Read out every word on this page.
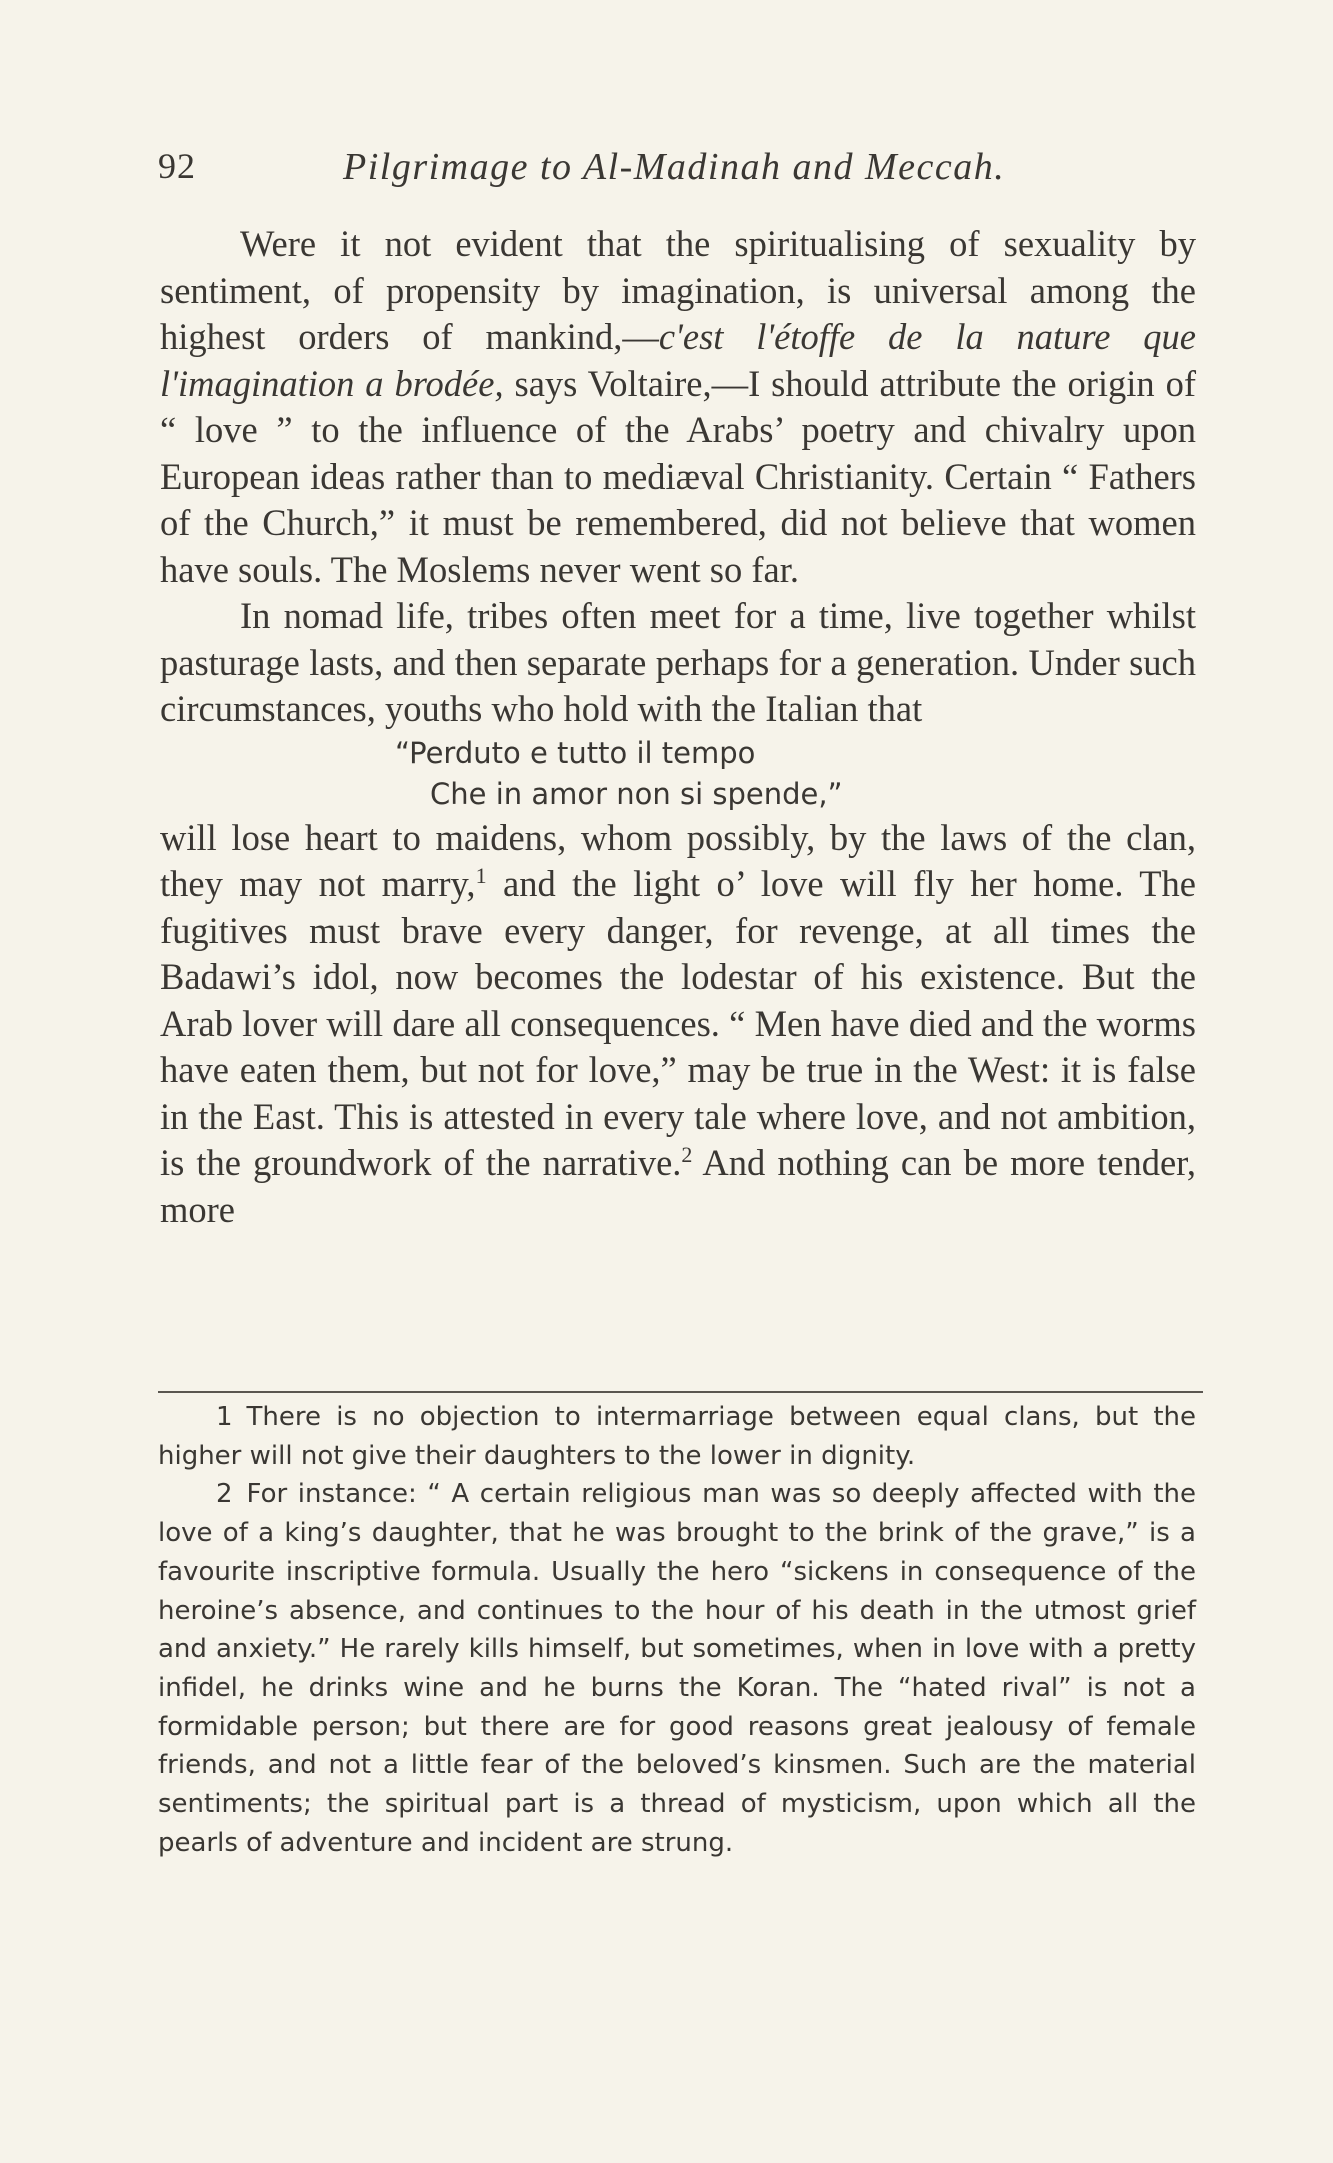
92	Pilgrimage to Al-Madinah and Meccah.

Were it not evident that the spiritualising of sexuality by sentiment, of propensity by imagination, is universal among the highest orders of mankind,—c'est l'étoffe de la nature que l'imagination a brodée, says Voltaire,—I should attribute the origin of “ love ” to the influence of the Arabs’ poetry and chivalry upon European ideas rather than to mediæval Christianity. Certain “ Fathers of the Church,” it must be remembered, did not believe that women have souls. The Moslems never went so far.

In nomad life, tribes often meet for a time, live together whilst pasturage lasts, and then separate perhaps for a generation. Under such circumstances, youths who hold with the Italian that

“Perduto e tutto il tempo
Che in amor non si spende,”

will lose heart to maidens, whom possibly, by the laws of the clan, they may not marry,$^1$ and the light o’ love will fly her home. The fugitives must brave every danger, for revenge, at all times the Badawi’s idol, now becomes the lodestar of his existence. But the Arab lover will dare all consequences. “ Men have died and the worms have eaten them, but not for love,” may be true in the West: it is false in the East. This is attested in every tale where love, and not ambition, is the groundwork of the narrative.$^2$ And nothing can be more tender, more

1 There is no objection to intermarriage between equal clans, but the higher will not give their daughters to the lower in dignity.

2 For instance: “ A certain religious man was so deeply affected with the love of a king’s daughter, that he was brought to the brink of the grave,” is a favourite inscriptive formula. Usually the hero “sickens in consequence of the heroine’s absence, and continues to the hour of his death in the utmost grief and anxiety.” He rarely kills himself, but sometimes, when in love with a pretty infidel, he drinks wine and he burns the Koran. The “hated rival” is not a formidable person; but there are for good reasons great jealousy of female friends, and not a little fear of the beloved’s kinsmen. Such are the material sentiments; the spiritual part is a thread of mysticism, upon which all the pearls of adventure and incident are strung.
